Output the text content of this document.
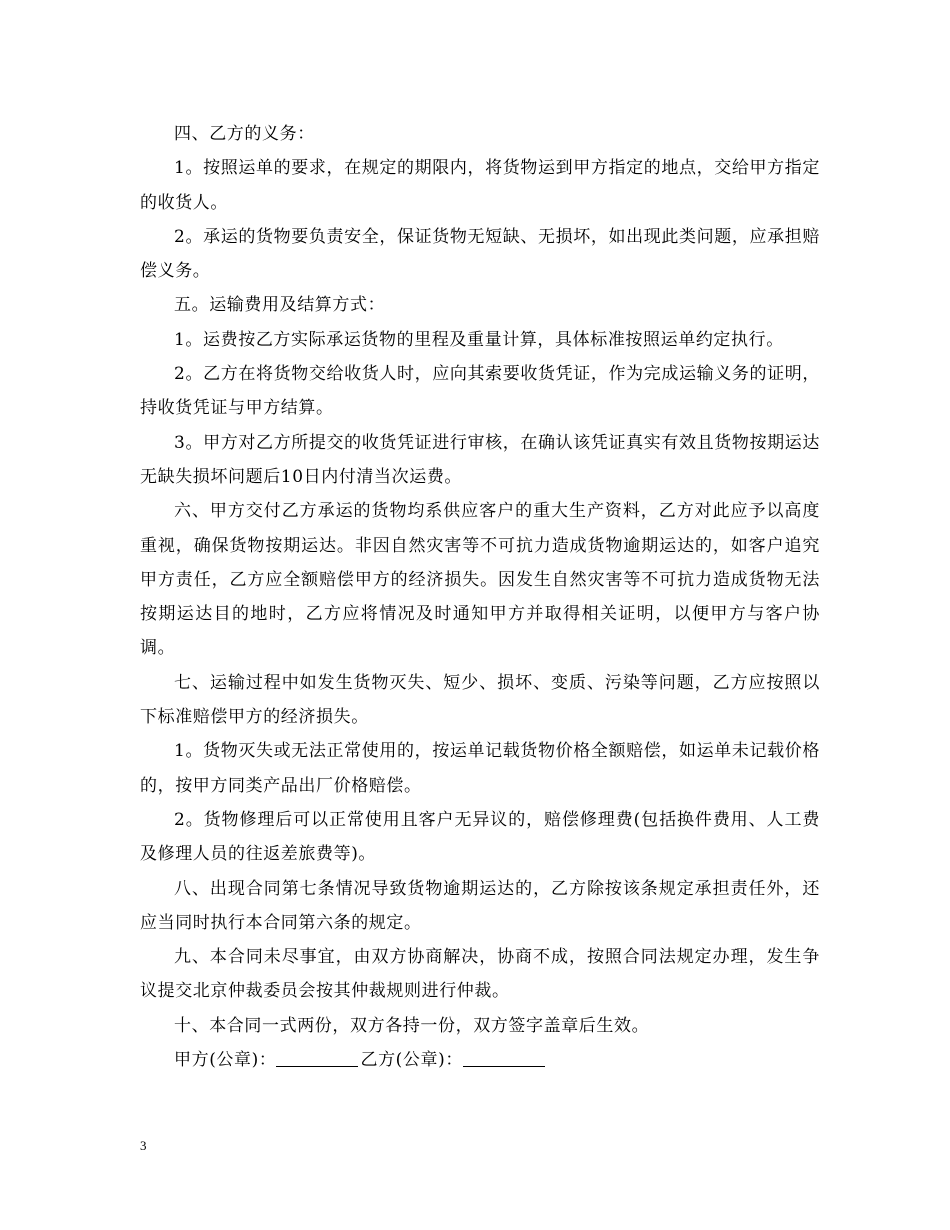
四、乙方的义务：

1。按照运单的要求，在规定的期限内，将货物运到甲方指定的地点，交给甲方指定的收货人。

2。承运的货物要负责安全，保证货物无短缺、无损坏，如出现此类问题，应承担赔偿义务。

五。运输费用及结算方式：

1。运费按乙方实际承运货物的里程及重量计算，具体标准按照运单约定执行。

2。乙方在将货物交给收货人时，应向其索要收货凭证，作为完成运输义务的证明，持收货凭证与甲方结算。

3。甲方对乙方所提交的收货凭证进行审核，在确认该凭证真实有效且货物按期运达无缺失损坏问题后10日内付清当次运费。

六、甲方交付乙方承运的货物均系供应客户的重大生产资料，乙方对此应予以高度重视，确保货物按期运达。非因自然灾害等不可抗力造成货物逾期运达的，如客户追究甲方责任，乙方应全额赔偿甲方的经济损失。因发生自然灾害等不可抗力造成货物无法按期运达目的地时，乙方应将情况及时通知甲方并取得相关证明，以便甲方与客户协调。

七、运输过程中如发生货物灭失、短少、损坏、变质、污染等问题，乙方应按照以下标准赔偿甲方的经济损失。

1。货物灭失或无法正常使用的，按运单记载货物价格全额赔偿，如运单未记载价格的，按甲方同类产品出厂价格赔偿。

2。货物修理后可以正常使用且客户无异议的，赔偿修理费(包括换件费用、人工费及修理人员的往返差旅费等)。

八、出现合同第七条情况导致货物逾期运达的，乙方除按该条规定承担责任外，还应当同时执行本合同第六条的规定。

九、本合同未尽事宜，由双方协商解决，协商不成，按照合同法规定办理，发生争议提交北京仲裁委员会按其仲裁规则进行仲裁。

十、本合同一式两份，双方各持一份，双方签字盖章后生效。

甲方(公章)：	乙方(公章)：

3
